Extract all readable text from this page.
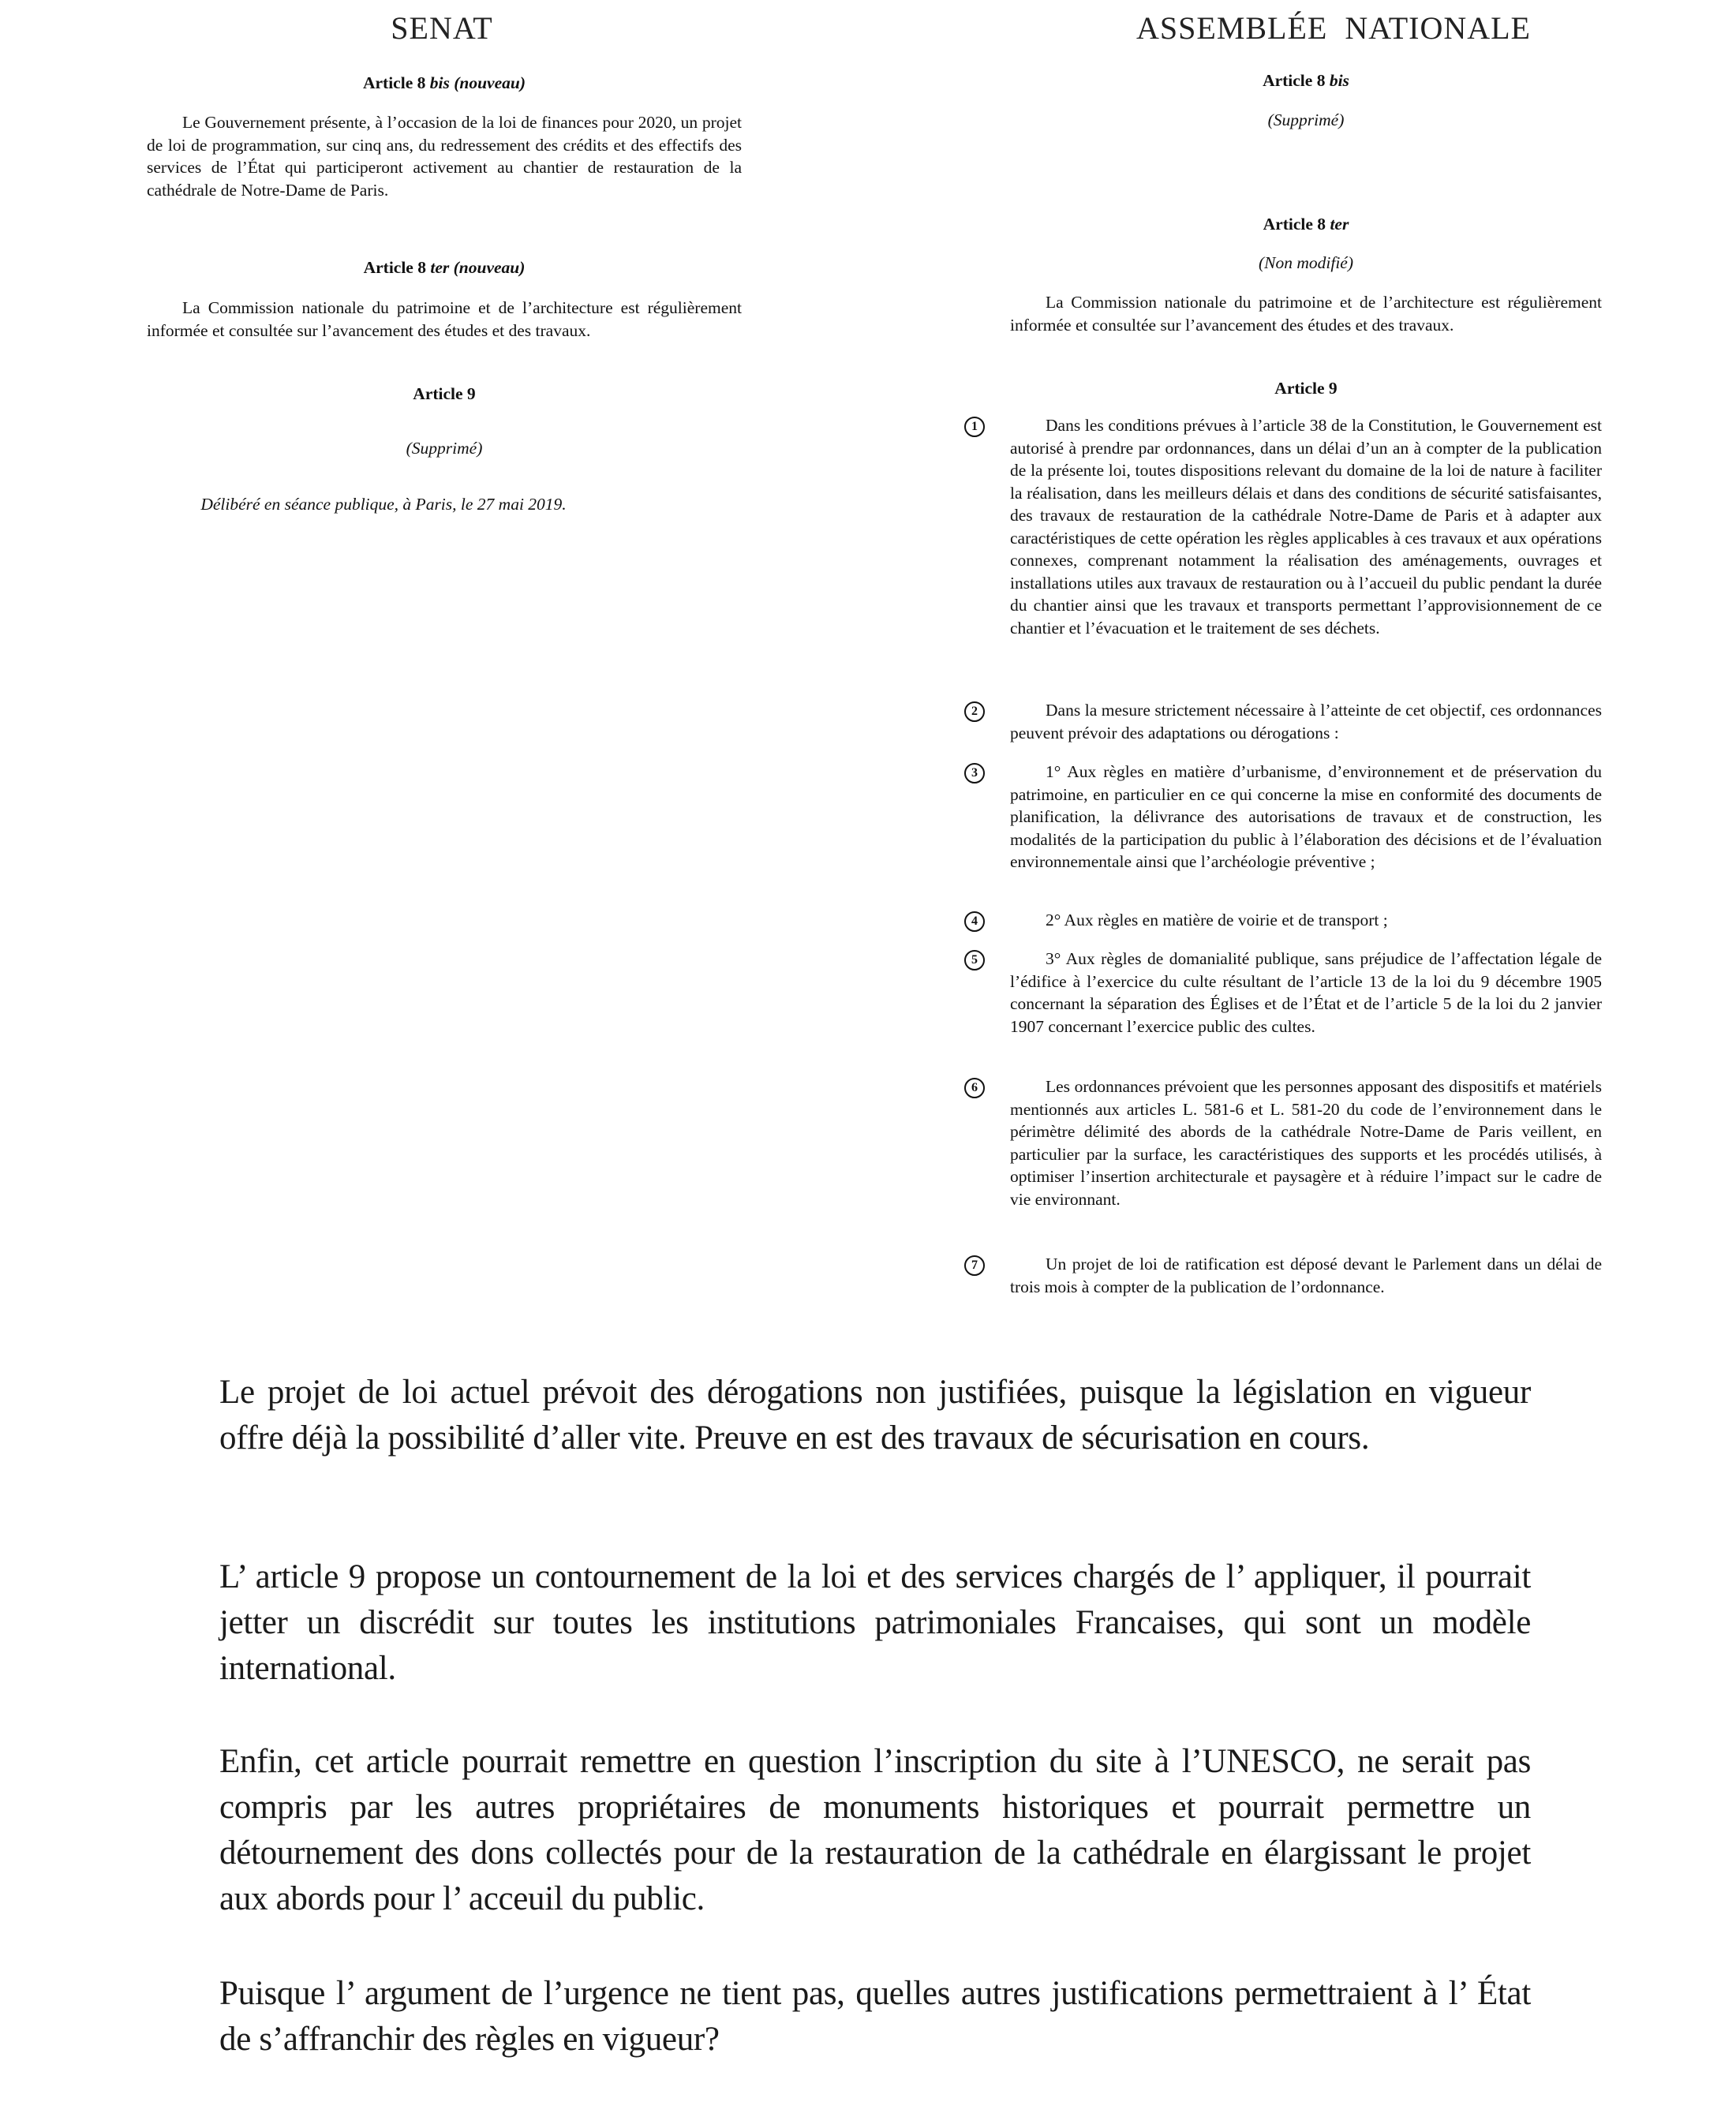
SENAT
Article 8 bis (nouveau)

Le Gouvernement présente, à l’occasion de la loi de finances pour 2020, un projet de loi de programmation, sur cinq ans, du redressement des crédits et des effectifs des services de l’État qui participeront activement au chantier de restauration de la cathédrale de Notre-Dame de Paris.

Article 8 ter (nouveau)

La Commission nationale du patrimoine et de l’architecture est régulièrement informée et consultée sur l’avancement des études et des travaux.

Article 9
(Supprimé)
Délibéré en séance publique, à Paris, le 27 mai 2019.
ASSEMBLÉE  NATIONALE
Article 8 bis
(Supprimé)
Article 8 ter
(Non modifié)

La Commission nationale du patrimoine et de l’architecture est régulièrement informée et consultée sur l’avancement des études et des travaux.

Article 9
1	Dans les conditions prévues à l’article 38 de la Constitution, le Gouvernement est autorisé à prendre par ordonnances, dans un délai d’un an à compter de la publication de la présente loi, toutes dispositions relevant du domaine de la loi de nature à faciliter la réalisation, dans les meilleurs délais et dans des conditions de sécurité satisfaisantes, des travaux de restauration de la cathédrale Notre-Dame de Paris et à adapter aux caractéristiques de cette opération les règles applicables à ces travaux et aux opérations connexes, comprenant notamment la réalisation des aménagements, ouvrages et installations utiles aux travaux de restauration ou à l’accueil du public pendant la durée du chantier ainsi que les travaux et transports permettant l’approvisionnement de ce chantier et l’évacuation et le traitement de ses déchets.

2	Dans la mesure strictement nécessaire à l’atteinte de cet objectif, ces ordonnances peuvent prévoir des adaptations ou dérogations :

3	1° Aux règles en matière d’urbanisme, d’environnement et de préservation du patrimoine, en particulier en ce qui concerne la mise en conformité des documents de planification, la délivrance des autorisations de travaux et de construction, les modalités de la participation du public à l’élaboration des décisions et de l’évaluation environnementale ainsi que l’archéologie préventive ;

4	2° Aux règles en matière de voirie et de transport ;

5	3° Aux règles de domanialité publique, sans préjudice de l’affectation légale de l’édifice à l’exercice du culte résultant de l’article 13 de la loi du 9 décembre 1905 concernant la séparation des Églises et de l’État et de l’article 5 de la loi du 2 janvier 1907 concernant l’exercice public des cultes.

6	Les ordonnances prévoient que les personnes apposant des dispositifs et matériels mentionnés aux articles L. 581-6 et L. 581-20 du code de l’environnement dans le périmètre délimité des abords de la cathédrale Notre-Dame de Paris veillent, en particulier par la surface, les caractéristiques des supports et les procédés utilisés, à optimiser l’insertion architecturale et paysagère et à réduire l’impact sur le cadre de vie environnant.

7	Un projet de loi de ratification est déposé devant le Parlement dans un délai de trois mois à compter de la publication de l’ordonnance.

Le projet de loi actuel prévoit des dérogations non justifiées, puisque la législation en vigueur offre déjà la possibilité d’aller vite. Preuve en est des travaux de sécurisation en cours.

L’ article 9 propose un contournement de la loi et des services chargés de l’ appliquer, il pourrait jetter un discrédit sur toutes les institutions patrimoniales Francaises, qui sont un modèle international.

Enfin, cet article pourrait remettre en question l’inscription du site à l’UNESCO, ne serait pas compris par les autres propriétaires de monuments historiques et pourrait permettre un détournement des dons collectés pour de la restauration de la cathédrale en élargissant le projet aux abords pour l’ acceuil du public.

Puisque l’ argument de l’urgence ne tient pas, quelles autres justifications permettraient à l’ État de s’affranchir des règles en vigueur?
